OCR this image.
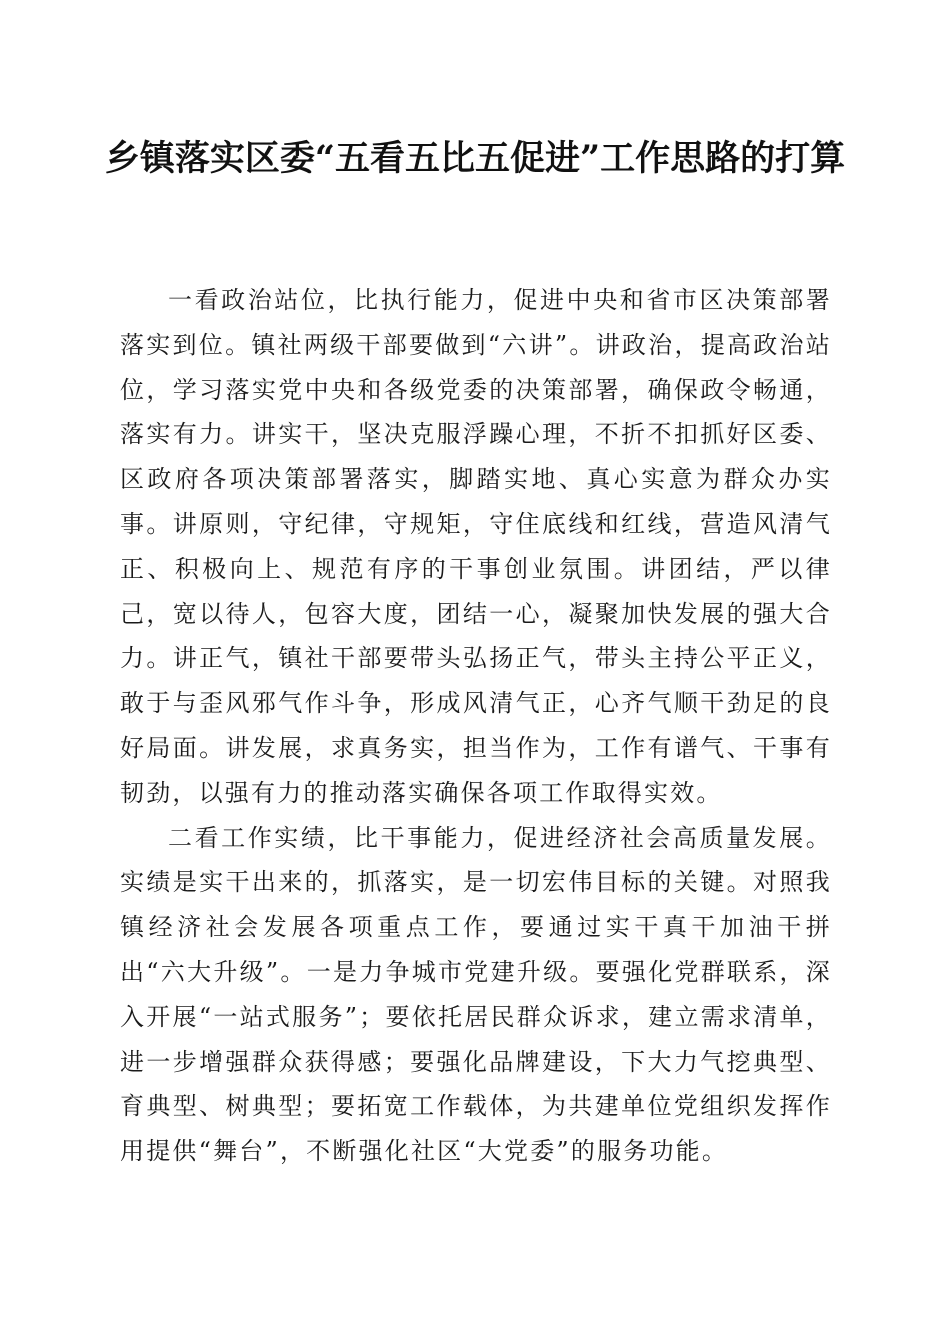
乡镇落实区委“五看五比五促进”工作思路的打算

一看政治站位，比执行能力，促进中央和省市区决策部署落实到位。镇社两级干部要做到“六讲”。讲政治，提高政治站位，学习落实党中央和各级党委的决策部署，确保政令畅通，落实有力。讲实干，坚决克服浮躁心理，不折不扣抓好区委、区政府各项决策部署落实，脚踏实地、真心实意为群众办实事。讲原则，守纪律，守规矩，守住底线和红线，营造风清气正、积极向上、规范有序的干事创业氛围。讲团结，严以律己，宽以待人，包容大度，团结一心，凝聚加快发展的强大合力。讲正气，镇社干部要带头弘扬正气，带头主持公平正义，敢于与歪风邪气作斗争，形成风清气正，心齐气顺干劲足的良好局面。讲发展，求真务实，担当作为，工作有谱气、干事有韧劲，以强有力的推动落实确保各项工作取得实效。

二看工作实绩，比干事能力，促进经济社会高质量发展。实绩是实干出来的，抓落实，是一切宏伟目标的关键。对照我镇经济社会发展各项重点工作，要通过实干真干加油干拼出“六大升级”。一是力争城市党建升级。要强化党群联系，深入开展“一站式服务”；要依托居民群众诉求，建立需求清单，进一步增强群众获得感；要强化品牌建设，下大力气挖典型、育典型、树典型；要拓宽工作载体，为共建单位党组织发挥作用提供“舞台”，不断强化社区“大党委”的服务功能。
